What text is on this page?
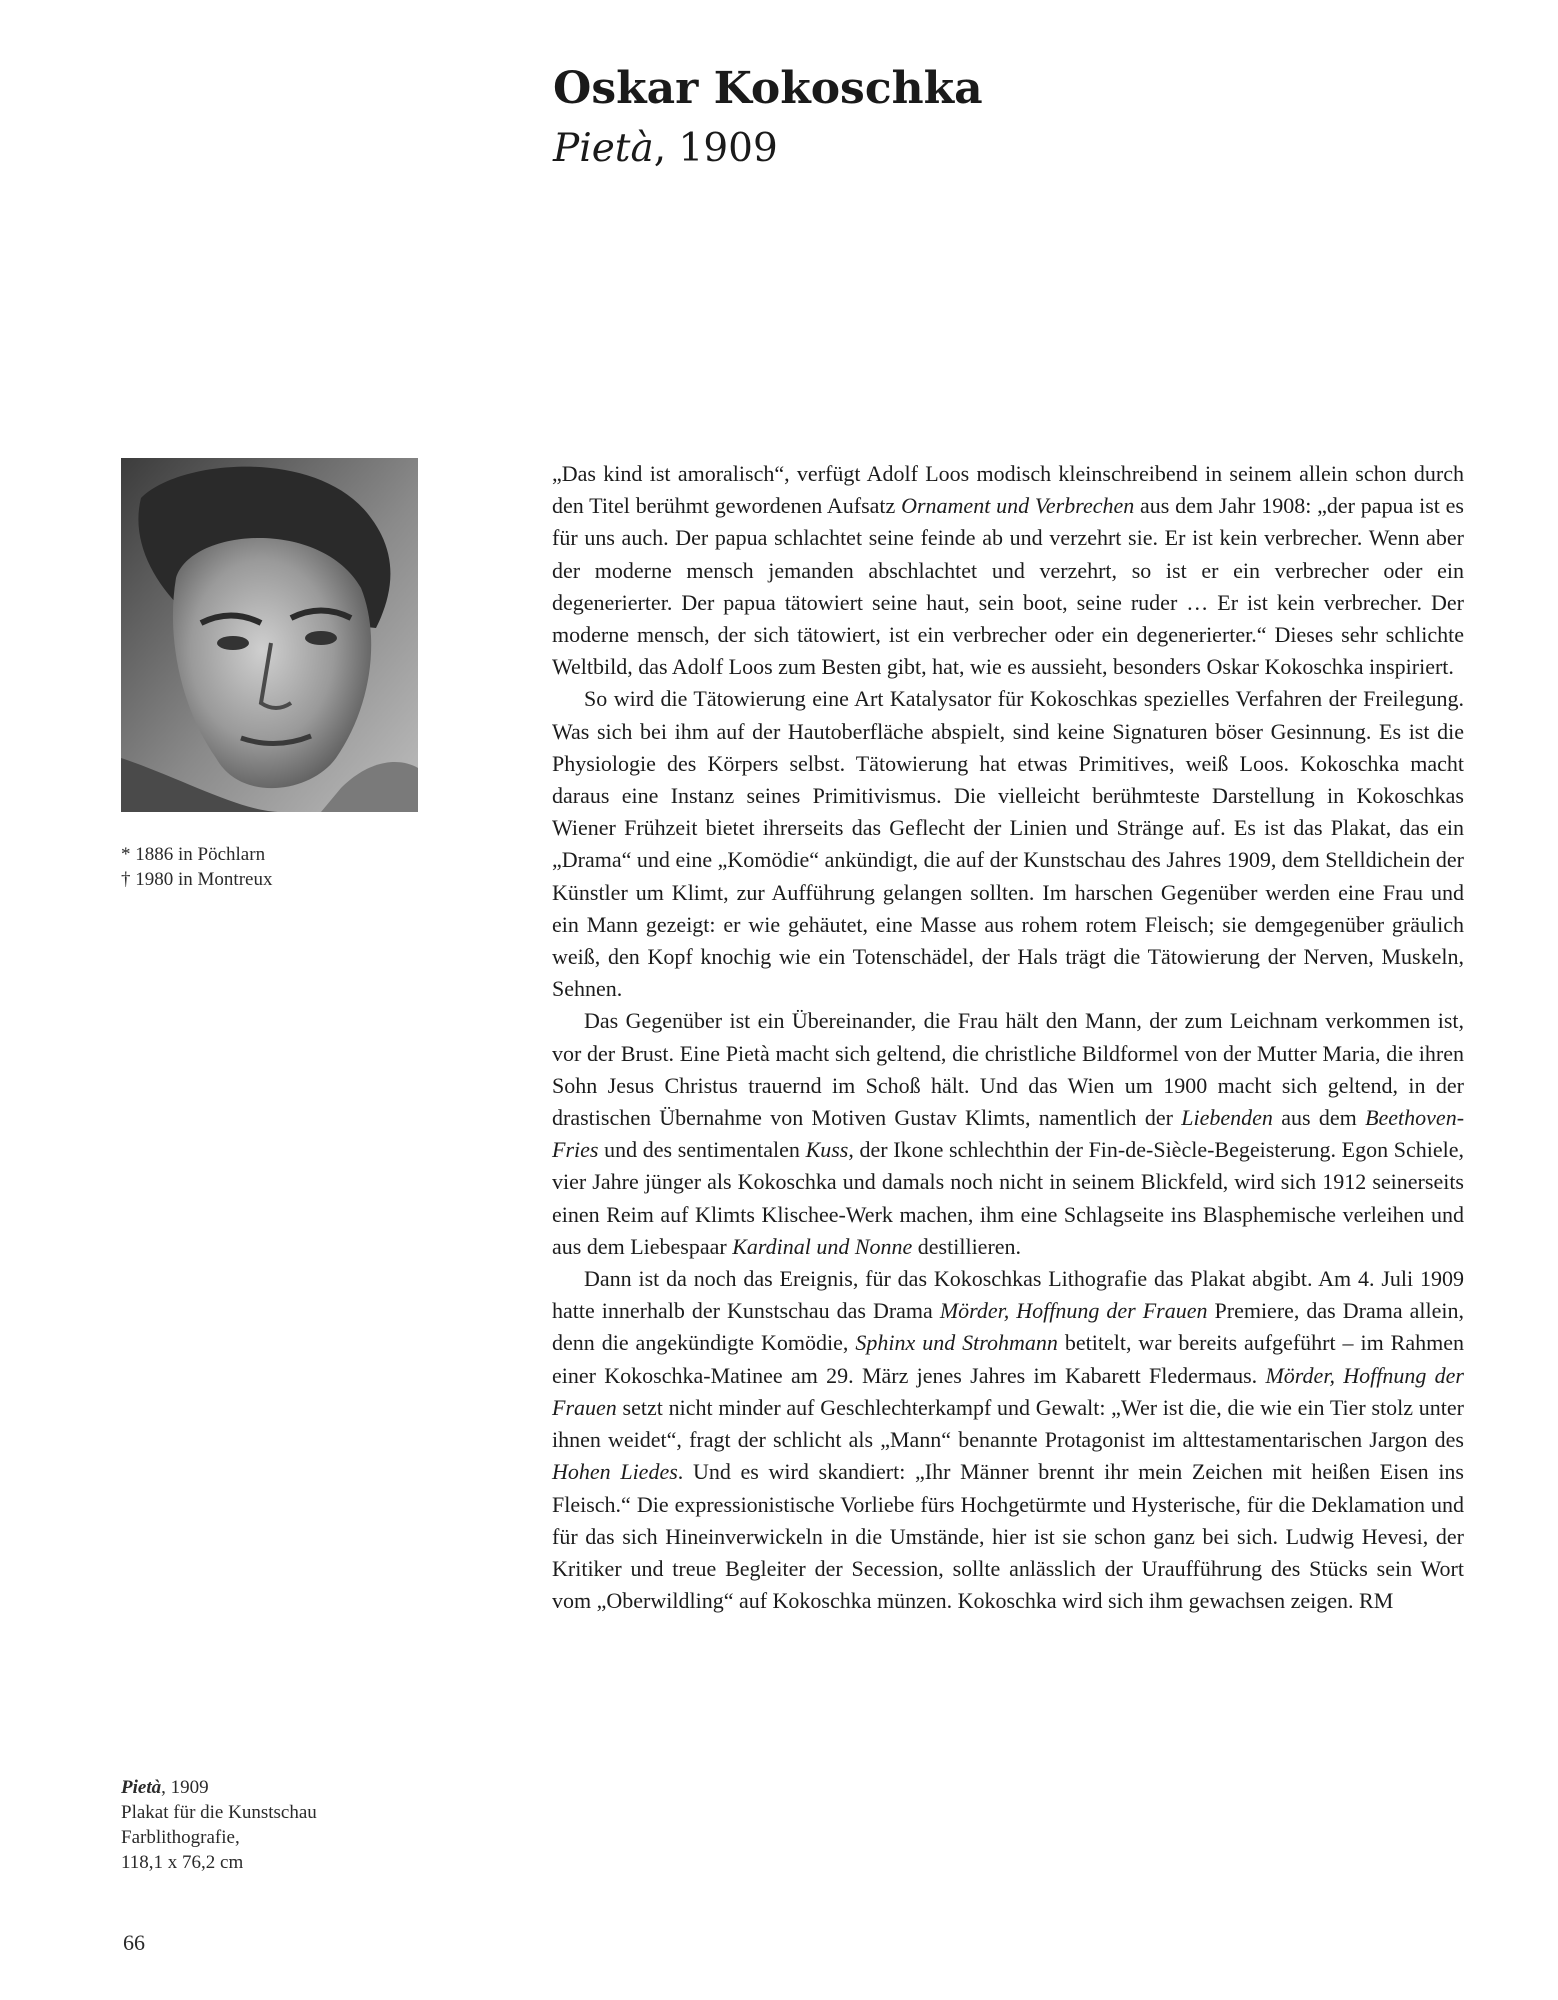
Oskar Kokoschka
Pietà, 1909
* 1886 in Pöchlarn
† 1980 in Montreux

„Das kind ist amoralisch“, verfügt Adolf Loos modisch kleinschreibend in seinem allein schon durch den Titel berühmt gewordenen Aufsatz Ornament und Verbrechen aus dem Jahr 1908: „der papua ist es für uns auch. Der papua schlachtet seine feinde ab und verzehrt sie. Er ist kein verbrecher. Wenn aber der moderne mensch jemanden abschlachtet und verzehrt, so ist er ein verbrecher oder ein degenerierter. Der papua tätowiert seine haut, sein boot, seine ruder … Er ist kein verbrecher. Der moderne mensch, der sich tätowiert, ist ein verbrecher oder ein degenerierter.“ Dieses sehr schlichte Weltbild, das Adolf Loos zum Besten gibt, hat, wie es aussieht, besonders Oskar Kokoschka inspiriert.

So wird die Tätowierung eine Art Katalysator für Kokoschkas spezielles Verfahren der Freilegung. Was sich bei ihm auf der Hautoberfläche abspielt, sind keine Signaturen böser Gesinnung. Es ist die Physiologie des Körpers selbst. Tätowierung hat etwas Primitives, weiß Loos. Kokoschka macht daraus eine Instanz seines Primitivismus. Die vielleicht berühmteste Darstellung in Kokoschkas Wiener Frühzeit bietet ihrerseits das Geflecht der Linien und Stränge auf. Es ist das Plakat, das ein „Drama“ und eine „Komödie“ ankündigt, die auf der Kunstschau des Jahres 1909, dem Stelldichein der Künstler um Klimt, zur Aufführung gelangen sollten. Im harschen Gegenüber werden eine Frau und ein Mann gezeigt: er wie gehäutet, eine Masse aus rohem rotem Fleisch; sie demgegenüber gräulich weiß, den Kopf knochig wie ein Totenschädel, der Hals trägt die Tätowierung der Nerven, Muskeln, Sehnen.

Das Gegenüber ist ein Übereinander, die Frau hält den Mann, der zum Leichnam verkommen ist, vor der Brust. Eine Pietà macht sich geltend, die christliche Bildformel von der Mutter Maria, die ihren Sohn Jesus Christus trauernd im Schoß hält. Und das Wien um 1900 macht sich geltend, in der drastischen Übernahme von Motiven Gustav Klimts, namentlich der Liebenden aus dem Beethoven-Fries und des sentimentalen Kuss, der Ikone schlechthin der Fin-de-Siècle-Begeisterung. Egon Schiele, vier Jahre jünger als Kokoschka und damals noch nicht in seinem Blickfeld, wird sich 1912 seinerseits einen Reim auf Klimts Klischee-Werk machen, ihm eine Schlagseite ins Blasphemische verleihen und aus dem Liebespaar Kardinal und Nonne destillieren.

Dann ist da noch das Ereignis, für das Kokoschkas Lithografie das Plakat abgibt. Am 4. Juli 1909 hatte innerhalb der Kunstschau das Drama Mörder, Hoffnung der Frauen Premiere, das Drama allein, denn die angekündigte Komödie, Sphinx und Strohmann betitelt, war bereits aufgeführt – im Rahmen einer Kokoschka-Matinee am 29. März jenes Jahres im Kabarett Fledermaus. Mörder, Hoffnung der Frauen setzt nicht minder auf Geschlechterkampf und Gewalt: „Wer ist die, die wie ein Tier stolz unter ihnen weidet“, fragt der schlicht als „Mann“ benannte Protagonist im alttestamentarischen Jargon des Hohen Liedes. Und es wird skandiert: „Ihr Männer brennt ihr mein Zeichen mit heißen Eisen ins Fleisch.“ Die expressionistische Vorliebe fürs Hochgetürmte und Hysterische, für die Deklamation und für das sich Hineinverwickeln in die Umstände, hier ist sie schon ganz bei sich. Ludwig Hevesi, der Kritiker und treue Begleiter der Secession, sollte anlässlich der Uraufführung des Stücks sein Wort vom „Oberwildling“ auf Kokoschka münzen. Kokoschka wird sich ihm gewachsen zeigen. RM

Pietà, 1909
Plakat für die Kunstschau
Farblithografie,
118,1 x 76,2 cm
66
